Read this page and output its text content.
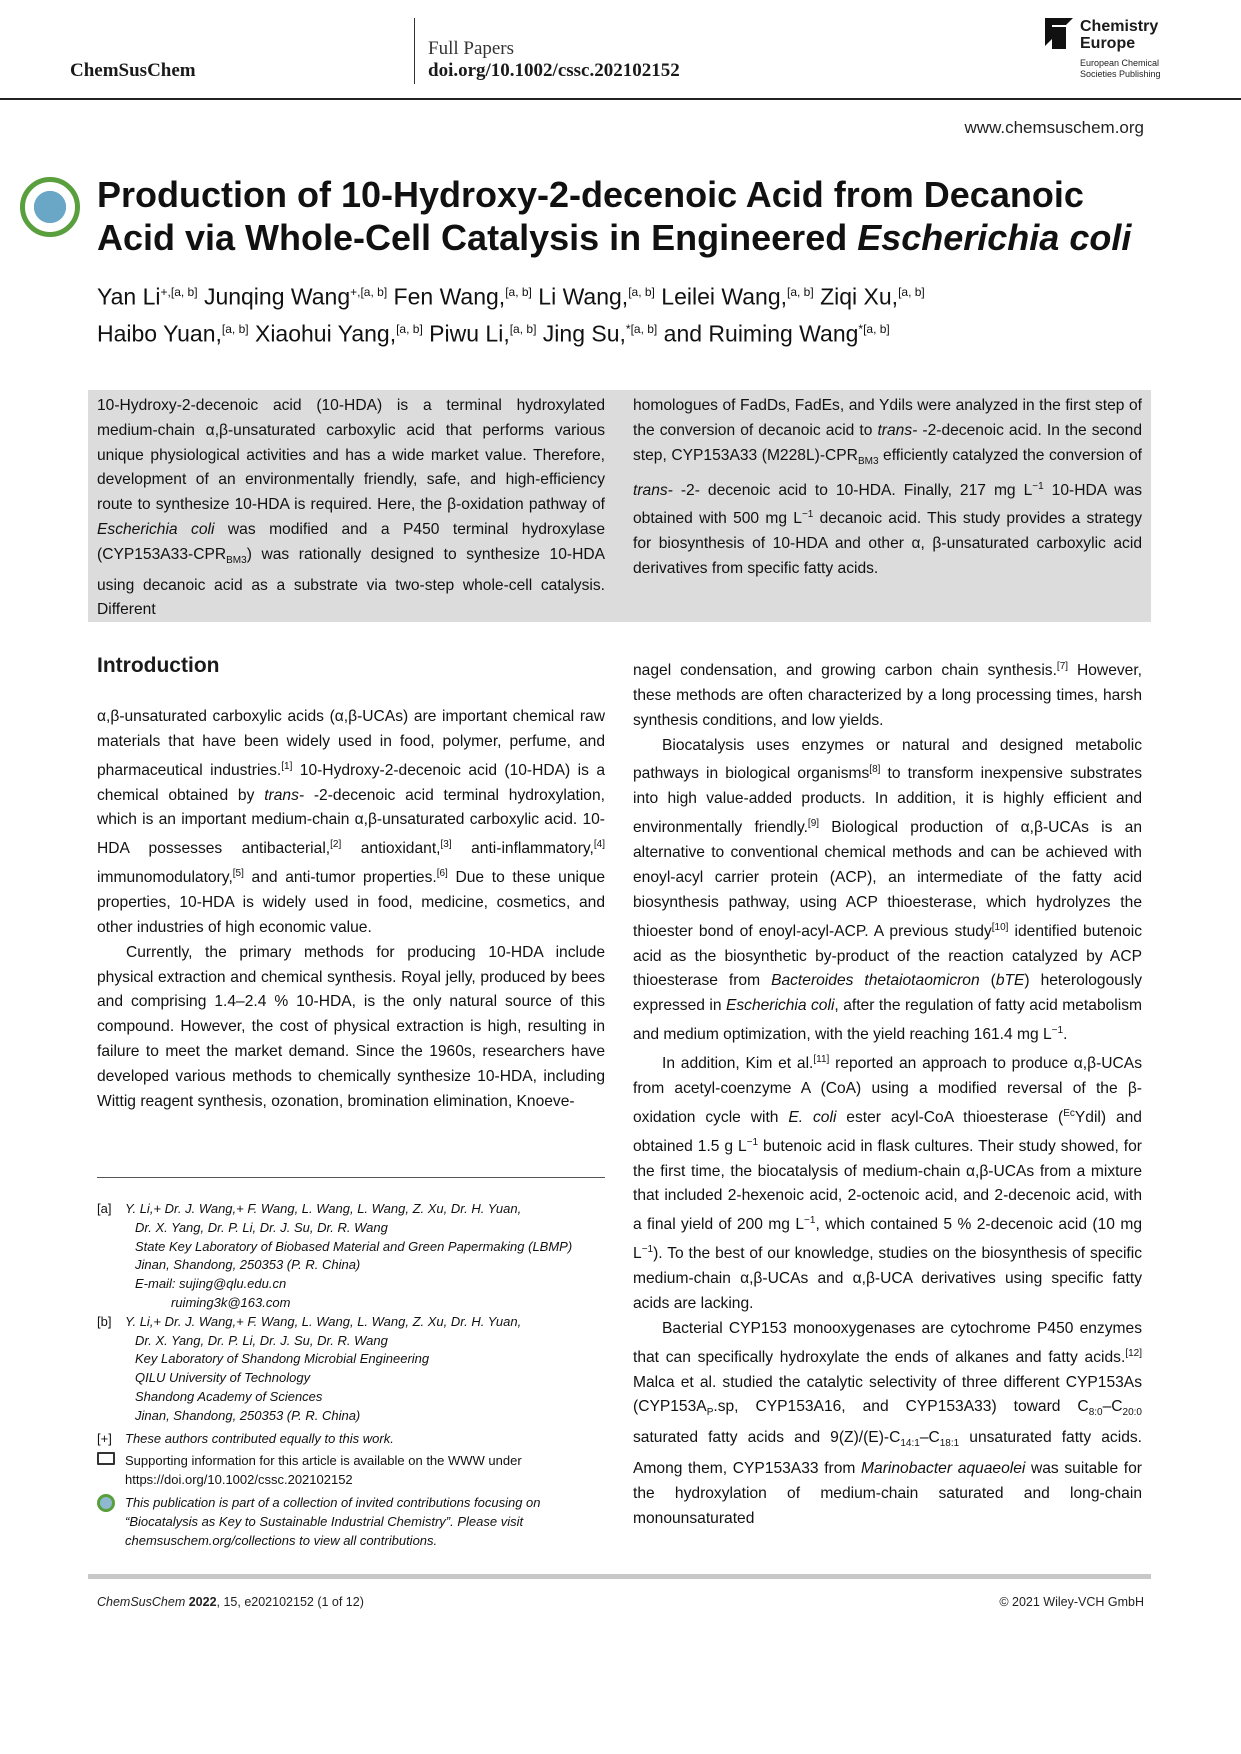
ChemSusChem
Full Papers
doi.org/10.1002/cssc.202102152
Chemistry Europe
European Chemical Societies Publishing
www.chemsuschem.org
Production of 10-Hydroxy-2-decenoic Acid from Decanoic Acid via Whole-Cell Catalysis in Engineered Escherichia coli
Yan $Li^{+,[a, b]}$ Junqing Wang$^{+,[a, b]}$ Fen Wang,[a, b] Li Wang,[a, b] Leilei Wang,[a, b] Ziqi Xu,[a, b]
Haibo Yuan,[a, b] Xiaohui Yang,[a, b] Piwu Li,[a, b] Jing Su,$^{*[a, b]}$ and Ruiming Wang$^{*[a, b]}$
10-Hydroxy-2-decenoic acid (10-HDA) is a terminal hydroxylated medium-chain α,β-unsaturated carboxylic acid that performs various unique physiological activities and has a wide market value. Therefore, development of an environmentally friendly, safe, and high-efficiency route to synthesize 10-HDA is required. Here, the β-oxidation pathway of Escherichia coli was modified and a P450 terminal hydroxylase $(CYP153A33-CPR_{BM3})$ was rationally designed to synthesize 10-HDA using decanoic acid as a substrate via two-step whole-cell catalysis. Different
homologues of FadDs, FadEs, and Ydils were analyzed in the first step of the conversion of decanoic acid to trans- -2-decenoic acid. In the second step, CYP153A33 $(M228L)-CPR_{BM3}$ efficiently catalyzed the conversion of trans- -2- decenoic acid to 10-HDA. Finally, 217 mg $L^{-1}$ 10-HDA was obtained with 500 mg $L^{-1}$ decanoic acid. This study provides a strategy for biosynthesis of 10-HDA and other α, β-unsaturated carboxylic acid derivatives from specific fatty acids.
Introduction

α,β-unsaturated carboxylic acids (α,β-UCAs) are important chemical raw materials that have been widely used in food, polymer, perfume, and pharmaceutical industries.[1] 10-Hydroxy-2-decenoic acid (10-HDA) is a chemical obtained by trans- -2-decenoic acid terminal hydroxylation, which is an important medium-chain α,β-unsaturated carboxylic acid. 10-HDA possesses antibacterial,[2] antioxidant,[3] anti-inflammatory,[4] immunomodulatory,[5] and anti-tumor properties.[6] Due to these unique properties, 10-HDA is widely used in food, medicine, cosmetics, and other industries of high economic value.

Currently, the primary methods for producing 10-HDA include physical extraction and chemical synthesis. Royal jelly, produced by bees and comprising 1.4–2.4 % 10-HDA, is the only natural source of this compound. However, the cost of physical extraction is high, resulting in failure to meet the market demand. Since the 1960s, researchers have developed various methods to chemically synthesize 10-HDA, including Wittig reagent synthesis, ozonation, bromination elimination, Knoeve-

nagel condensation, and growing carbon chain synthesis.[7] However, these methods are often characterized by a long processing times, harsh synthesis conditions, and low yields.

Biocatalysis uses enzymes or natural and designed metabolic pathways in biological organisms[8] to transform inexpensive substrates into high value-added products. In addition, it is highly efficient and environmentally friendly.[9] Biological production of α,β-UCAs is an alternative to conventional chemical methods and can be achieved with enoyl-acyl carrier protein (ACP), an intermediate of the fatty acid biosynthesis pathway, using ACP thioesterase, which hydrolyzes the thioester bond of enoyl-acyl-ACP. A previous study[10] identified butenoic acid as the biosynthetic by-product of the reaction catalyzed by ACP thioesterase from Bacteroides thetaiotaomicron (bTE) heterologously expressed in Escherichia coli, after the regulation of fatty acid metabolism and medium optimization, with the yield reaching 161.4 mg $L^{-1}$.

In addition, Kim et al.[11] reported an approach to produce α,β-UCAs from acetyl-coenzyme A (CoA) using a modified reversal of the β-oxidation cycle with E. coli ester acyl-CoA thioesterase ($^{Ec}$Ydil) and obtained 1.5 g $L^{-1}$ butenoic acid in flask cultures. Their study showed, for the first time, the biocatalysis of medium-chain α,β-UCAs from a mixture that included 2-hexenoic acid, 2-octenoic acid, and 2-decenoic acid, with a final yield of 200 mg $L^{-1}$, which contained 5 % 2-decenoic acid (10 mg $L^{-1}$). To the best of our knowledge, studies on the biosynthesis of specific medium-chain α,β-UCAs and α,β-UCA derivatives using specific fatty acids are lacking.

Bacterial CYP153 monooxygenases are cytochrome P450 enzymes that can specifically hydroxylate the ends of alkanes and fatty acids.[12] Malca et al. studied the catalytic selectivity of three different CYP153As ($CYP153A_P.sp$, CYP153A16, and CYP153A33) toward $C_{8:0}-C_{20:0}$ saturated fatty acids and $9(Z)/(E)-C_{14:1}-C_{18:1}$ unsaturated fatty acids. Among them, CYP153A33 from Marinobacter aquaeolei was suitable for the hydroxylation of medium-chain saturated and long-chain monounsaturated

[a]	Y. Li,+ Dr. J. Wang,+ F. Wang, L. Wang, L. Wang, Z. Xu, Dr. H. Yuan,
Dr. X. Yang, Dr. P. Li, Dr. J. Su, Dr. R. Wang
State Key Laboratory of Biobased Material and Green Papermaking (LBMP)
Jinan, Shandong, 250353 (P. R. China)
E-mail: sujing@qlu.edu.cn
ruiming3k@163.com
[b]	Y. Li,+ Dr. J. Wang,+ F. Wang, L. Wang, L. Wang, Z. Xu, Dr. H. Yuan,
Dr. X. Yang, Dr. P. Li, Dr. J. Su, Dr. R. Wang
Key Laboratory of Shandong Microbial Engineering
QILU University of Technology
Shandong Academy of Sciences
Jinan, Shandong, 250353 (P. R. China)
[+]	These authors contributed equally to this work.
Supporting information for this article is available on the WWW under
https://doi.org/10.1002/cssc.202102152
This publication is part of a collection of invited contributions focusing on “Biocatalysis as Key to Sustainable Industrial Chemistry”. Please visit chemsuschem.org/collections to view all contributions.
ChemSusChem 2022, 15, e202102152 (1 of 12)	© 2021 Wiley-VCH GmbH
